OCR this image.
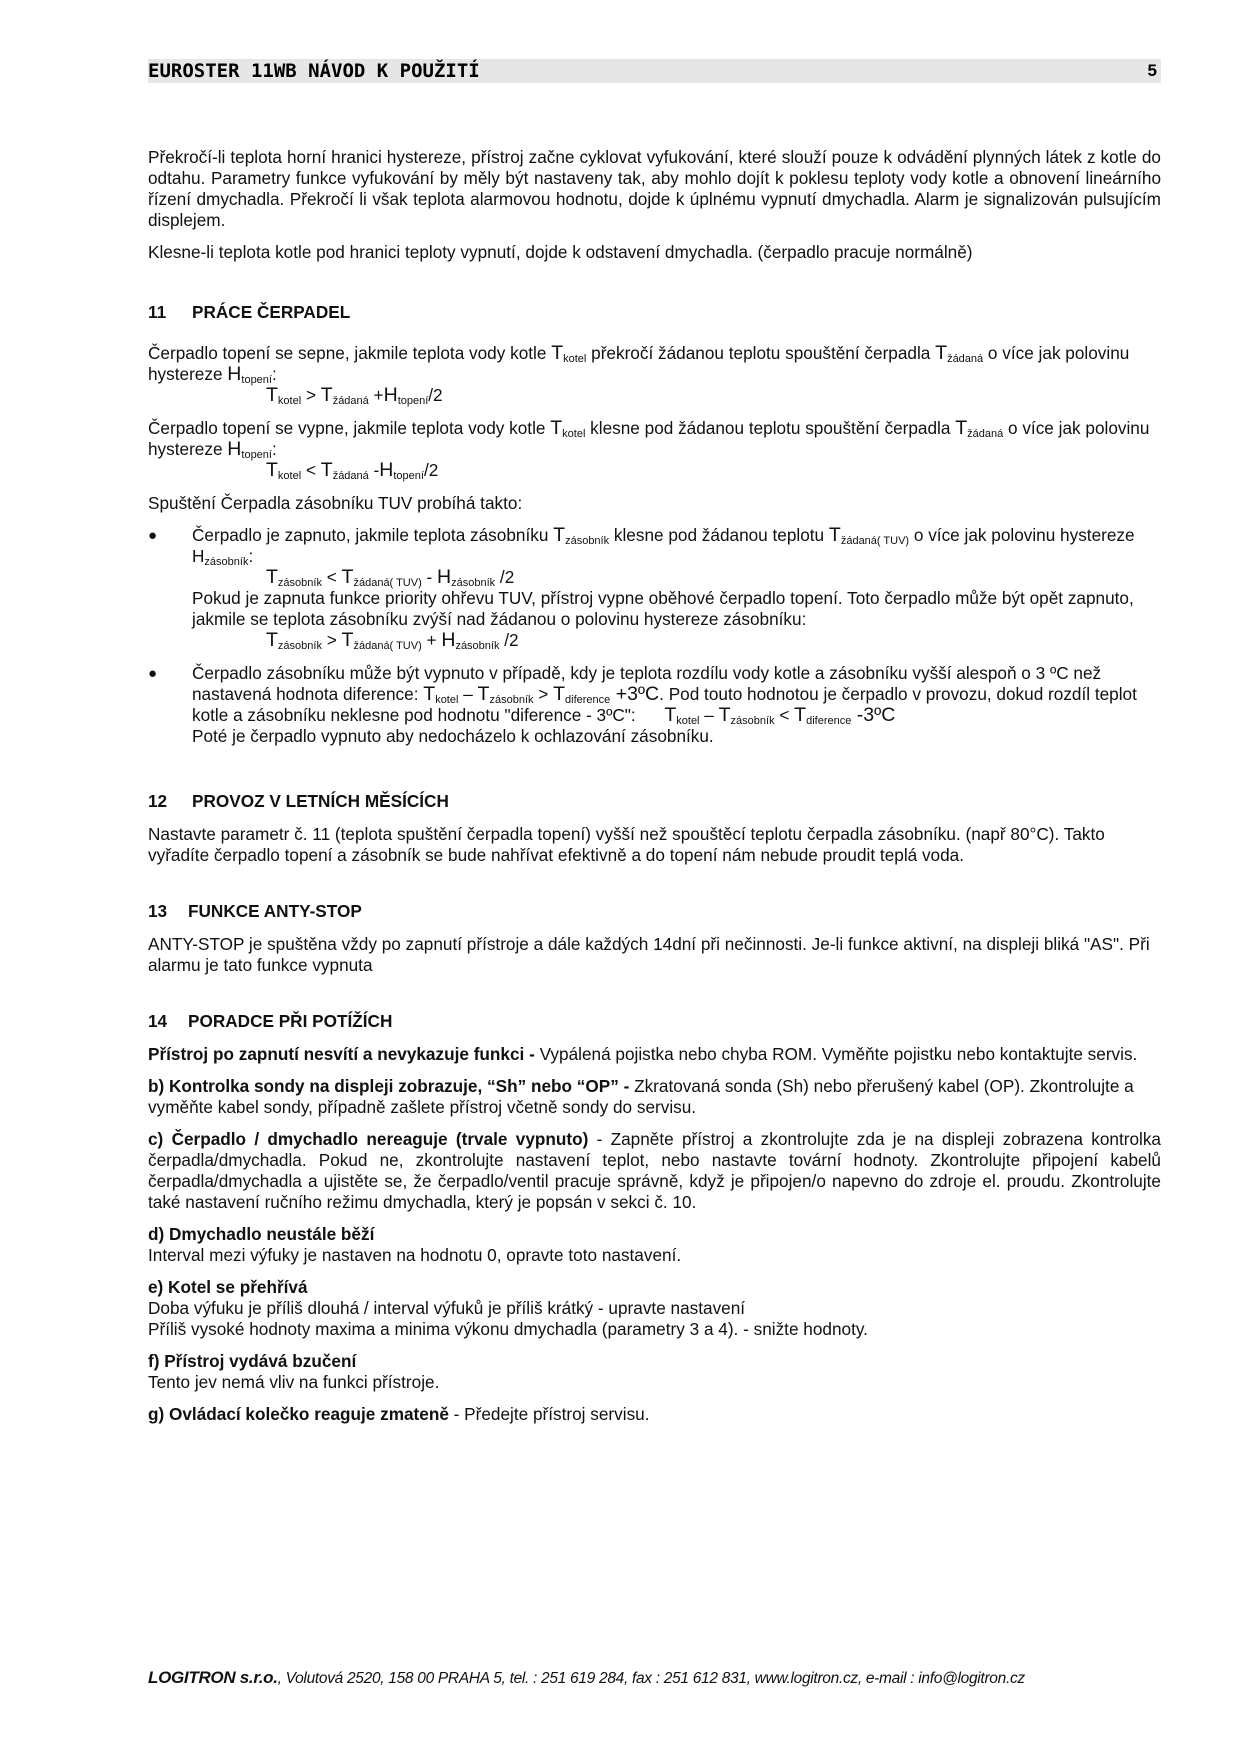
EUROSTER 11WB NÁVOD K POUŽITÍ	5

Překročí-li teplota horní hranici hystereze, přístroj začne cyklovat vyfukování, které slouží pouze k odvádění plynných látek z kotle do odtahu. Parametry funkce vyfukování by měly být nastaveny tak, aby mohlo dojít k poklesu teploty vody kotle a obnovení lineárního řízení dmychadla. Překročí li však teplota alarmovou hodnotu, dojde k úplnému vypnutí dmychadla. Alarm je signalizován pulsujícím displejem.

Klesne-li teplota kotle pod hranici teploty vypnutí, dojde k odstavení dmychadla. (čerpadlo pracuje normálně)

11 PRÁCE ČERPADEL
Čerpadlo topení se sepne, jakmile teplota vody kotle $T_{kotel}$ překročí žádanou teplotu spouštění čerpadla $T_{žádaná}$ o více jak polovinu hystereze $H_{topení}$:
$T_{kotel} > T_{žádaná} +H_{topení}/2$
Čerpadlo topení se vypne, jakmile teplota vody kotle $T_{kotel}$ klesne pod žádanou teplotu spouštění čerpadla $T_{žádaná}$ o více jak polovinu hystereze $H_{topení}$:
$T_{kotel} < T_{žádaná}$ $-H_{topení}/2$

Spuštění Čerpadla zásobníku TUV probíhá takto:

●	Čerpadlo je zapnuto, jakmile teplota zásobníku $T_{zásobník}$ klesne pod žádanou teplotu $T_{žádaná( TUV)}$ o více jak polovinu hystereze $H_{zásobník}$:
$T_{zásobník} < T_{žádaná( TUV)} - H_{zásobník}$ /2
Pokud je zapnuta funkce priority ohřevu TUV, přístroj vypne oběhové čerpadlo topení. Toto čerpadlo může být opět zapnuto, jakmile se teplota zásobníku zvýší nad žádanou o polovinu hystereze zásobníku:
$T_{zásobník} > T_{žádaná( TUV)} + H_{zásobník}$ /2
●	Čerpadlo zásobníku může být vypnuto v případě, kdy je teplota rozdílu vody kotle a zásobníku vyšší alespoň o 3 ºC než nastavená hodnota diference: $T_{kotel} - T_{zásobník} > T_{diference}$ +3ºC. Pod touto hodnotou je čerpadlo v provozu, dokud rozdíl teplot kotle a zásobníku neklesne pod hodnotu "diference - 3ºC": $T_{kotel} - T_{zásobník} < T_{diference}$ -3ºC
Poté je čerpadlo vypnuto aby nedocházelo k ochlazování zásobníku.
12 PROVOZ V LETNÍCH MĚSÍCÍCH

Nastavte parametr č. 11 (teplota spuštění čerpadla topení) vyšší než spouštěcí teplotu čerpadla zásobníku. (např 80°C). Takto vyřadíte čerpadlo topení a zásobník se bude nahřívat efektivně a do topení nám nebude proudit teplá voda.

13 FUNKCE ANTY-STOP

ANTY-STOP je spuštěna vždy po zapnutí přístroje a dále každých 14dní při nečinnosti. Je-li funkce aktivní, na displeji bliká "AS". Při alarmu je tato funkce vypnuta

14 PORADCE PŘI POTÍŽÍCH

Přístroj po zapnutí nesvítí a nevykazuje funkci - Vypálená pojistka nebo chyba ROM. Vyměňte pojistku nebo kontaktujte servis.

b) Kontrolka sondy na displeji zobrazuje, “Sh” nebo “OP” - Zkratovaná sonda (Sh) nebo přerušený kabel (OP). Zkontrolujte a vyměňte kabel sondy, případně zašlete přístroj včetně sondy do servisu.

c) Čerpadlo / dmychadlo nereaguje (trvale vypnuto) - Zapněte přístroj a zkontrolujte zda je na displeji zobrazena kontrolka čerpadla/dmychadla. Pokud ne, zkontrolujte nastavení teplot, nebo nastavte tovární hodnoty. Zkontrolujte připojení kabelů čerpadla/dmychadla a ujistěte se, že čerpadlo/ventil pracuje správně, když je připojen/o napevno do zdroje el. proudu. Zkontrolujte také nastavení ručního režimu dmychadla, který je popsán v sekci č. 10.

d) Dmychadlo neustále běží
Interval mezi výfuky je nastaven na hodnotu 0, opravte toto nastavení.

e) Kotel se přehřívá
Doba výfuku je příliš dlouhá / interval výfuků je příliš krátký - upravte nastavení
Příliš vysoké hodnoty maxima a minima výkonu dmychadla (parametry 3 a 4). - snižte hodnoty.

f) Přístroj vydává bzučení
Tento jev nemá vliv na funkci přístroje.

g) Ovládací kolečko reaguje zmateně - Předejte přístroj servisu.

LOGITRON s.r.o., Volutová 2520, 158 00 PRAHA 5, tel. : 251 619 284, fax : 251 612 831, www.logitron.cz, e-mail : info@logitron.cz
